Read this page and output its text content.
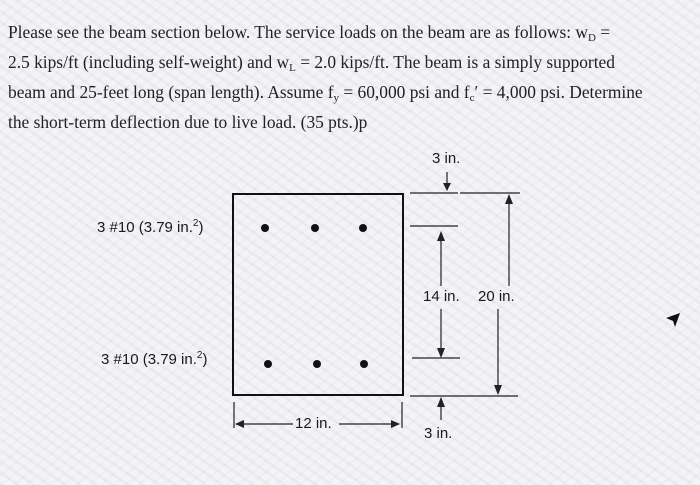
Please see the beam section below. The service loads on the beam are as follows: $w_D$ =
2.5 kips/ft (including self-weight) and $w_L = 2.0$ kips/ft. The beam is a simply supported
beam and 25-feet long (span length). Assume $f_y = 60,000$ psi and $f_c' = 4,000$ psi. Determine
the short-term deflection due to live load. (35 pts.)p
3 #10 (3.79 in.$^2$)
3 #10 (3.79 in.$^2$)
3 in.
14 in. 20 in.
3 in.
12 in.
